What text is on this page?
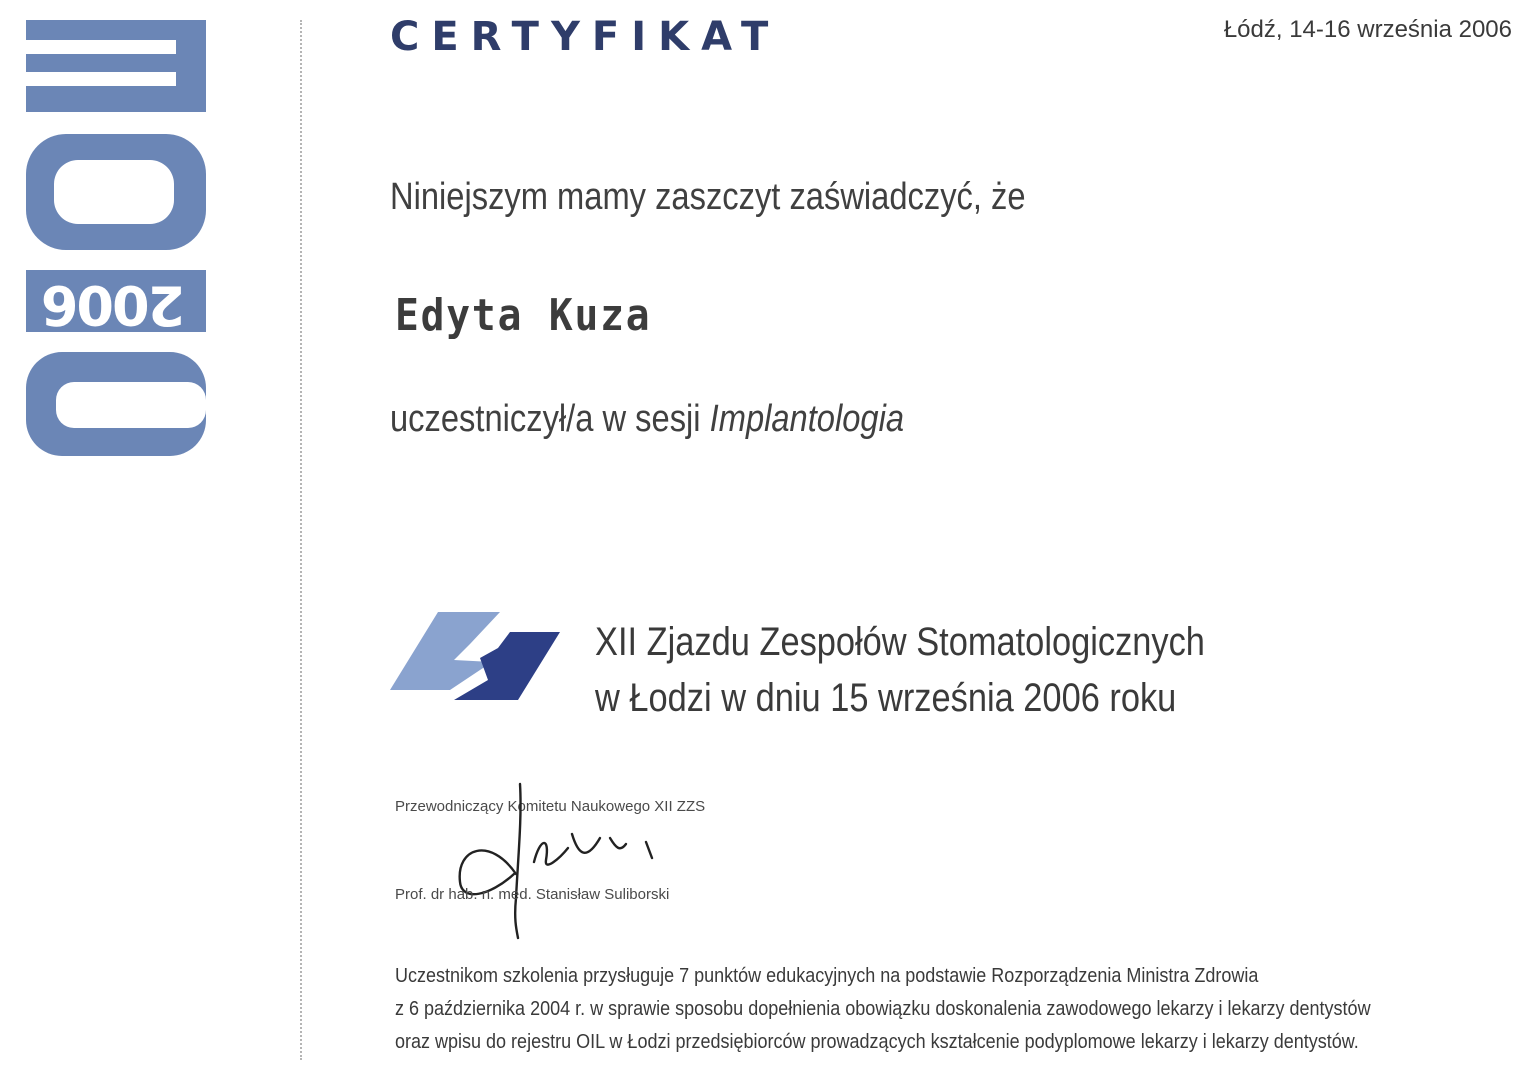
2006
CERTYFIKAT	Łódź, 14-16 września 2006
Niniejszym mamy zaszczyt zaświadczyć, że
Edyta Kuza
uczestniczył/a w sesji Implantologia
XII Zjazdu Zespołów Stomatologicznych
w Łodzi w dniu 15 września 2006 roku
Przewodniczący Komitetu Naukowego XII ZZS
Prof. dr hab. n. med. Stanisław Suliborski
Uczestnikom szkolenia przysługuje 7 punktów edukacyjnych na podstawie Rozporządzenia Ministra Zdrowia
z 6 października 2004 r. w sprawie sposobu dopełnienia obowiązku doskonalenia zawodowego lekarzy i lekarzy dentystów
oraz wpisu do rejestru OIL w Łodzi przedsiębiorców prowadzących kształcenie podyplomowe lekarzy i lekarzy dentystów.
